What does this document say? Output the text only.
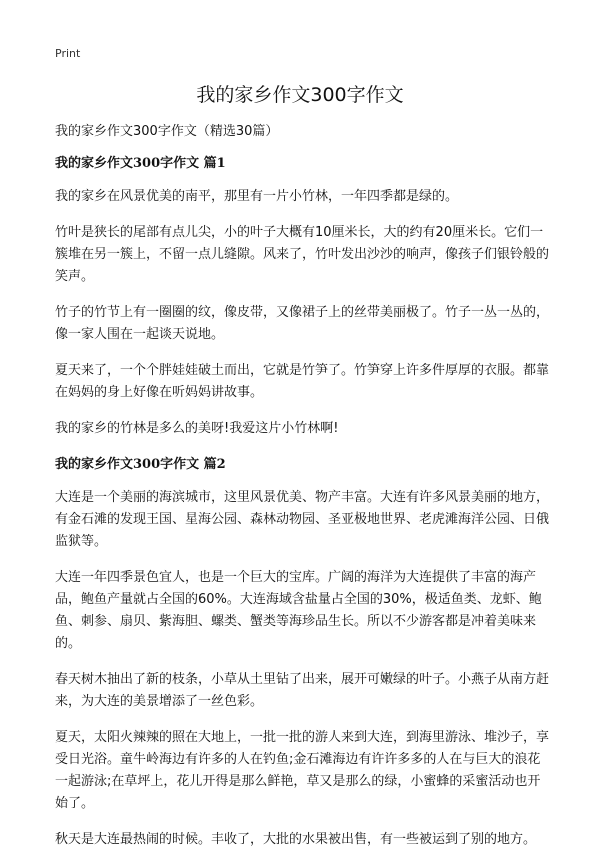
Print
我的家乡作文300字作文

我的家乡作文300字作文（精选30篇）

我的家乡作文300字作文 篇1

我的家乡在风景优美的南平，那里有一片小竹林，一年四季都是绿的。

竹叶是狭长的尾部有点儿尖，小的叶子大概有10厘米长，大的约有20厘米长。它们一簇堆在另一簇上，不留一点儿缝隙。风来了，竹叶发出沙沙的响声，像孩子们银铃般的笑声。

竹子的竹节上有一圈圈的纹，像皮带，又像裙子上的丝带美丽极了。竹子一丛一丛的，像一家人围在一起谈天说地。

夏天来了，一个个胖娃娃破土而出，它就是竹笋了。竹笋穿上许多件厚厚的衣服。都靠在妈妈的身上好像在听妈妈讲故事。

我的家乡的竹林是多么的美呀!我爱这片小竹林啊!

我的家乡作文300字作文 篇2

大连是一个美丽的海滨城市，这里风景优美、物产丰富。大连有许多风景美丽的地方，有金石滩的发现王国、星海公园、森林动物园、圣亚极地世界、老虎滩海洋公园、日俄监狱等。

大连一年四季景色宜人，也是一个巨大的宝库。广阔的海洋为大连提供了丰富的海产品，鲍鱼产量就占全国的60%。大连海域含盐量占全国的30%，极适鱼类、龙虾、鲍鱼、刺参、扇贝、紫海胆、螺类、蟹类等海珍品生长。所以不少游客都是冲着美味来的。

春天树木抽出了新的枝条，小草从土里钻了出来，展开可嫩绿的叶子。小燕子从南方赶来，为大连的美景增添了一丝色彩。

夏天，太阳火辣辣的照在大地上，一批一批的游人来到大连，到海里游泳、堆沙子，享受日光浴。童牛岭海边有许多的人在钓鱼;金石滩海边有许许多多的人在与巨大的浪花一起游泳;在草坪上，花儿开得是那么鲜艳，草又是那么的绿，小蜜蜂的采蜜活动也开始了。

秋天是大连最热闹的时候。丰收了，大批的水果被出售，有一些被运到了别的地方。
